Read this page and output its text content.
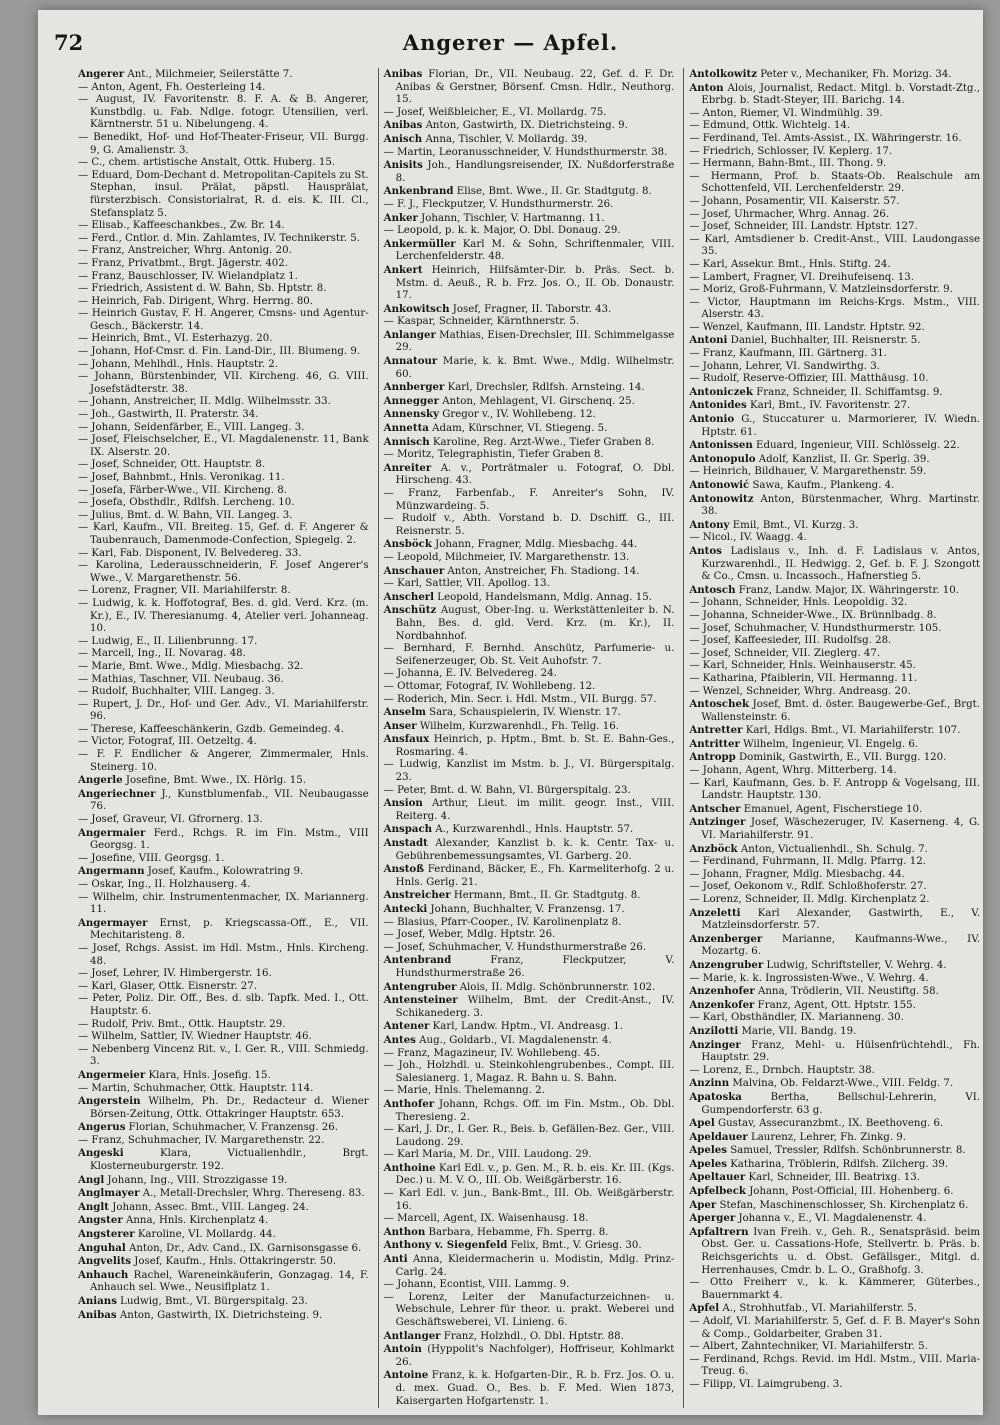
72	Angerer — Apfel.

Angerer Ant., Milchmeier, Seilerstätte 7.

— Anton, Agent, Fh. Oesterleing 14.

— August, IV. Favoritenstr. 8. F. A. & B. Angerer, Kunstbdlg. u. Fab. Ndlge. fotogr. Utensilien, verl. Kärntnerstr. 51 u. Nibelungeng. 4.

— Benedikt, Hof- und Hof-Theater-Friseur, VII. Burgg. 9, G. Amalienstr. 3.

— C., chem. artistische Anstalt, Ottk. Huberg. 15.

— Eduard, Dom-Dechant d. Metropolitan-Capitels zu St. Stephan, insul. Prälat, päpstl. Hausprälat, fürsterzbisch. Consistorialrat, R. d. eis. K. III. Cl., Stefansplatz 5.

— Elisab., Kaffeeschankbes., Zw. Br. 14.

— Ferd., Cntlor. d. Min. Zahlamtes, IV. Technikerstr. 5.

— Franz, Anstreicher, Whrg. Antonig. 20.

— Franz, Privatbmt., Brgt. Jägerstr. 402.

— Franz, Bauschlosser, IV. Wielandplatz 1.

— Friedrich, Assistent d. W. Bahn, Sb. Hptstr. 8.

— Heinrich, Fab. Dirigent, Whrg. Herrng. 80.

— Heinrich Gustav, F. H. Angerer, Cmsns- und Agentur-Gesch., Bäckerstr. 14.

— Heinrich, Bmt., VI. Esterhazyg. 20.

— Johann, Hof-Cmsr. d. Fin. Land-Dir., III. Blumeng. 9.

— Johann, Mehlhdl., Hnls. Hauptstr. 2.

— Johann, Bürstenbinder, VII. Kircheng. 46, G. VIII. Josefstädterstr. 38.

— Johann, Anstreicher, II. Mdlg. Wilhelmsstr. 33.

— Joh., Gastwirth, II. Praterstr. 34.

— Johann, Seidenfärber, E., VIII. Langeg. 3.

— Josef, Fleischselcher, E., VI. Magdalenenstr. 11, Bank IX. Alserstr. 20.

— Josef, Schneider, Ott. Hauptstr. 8.

— Josef, Bahnbmt., Hnls. Veronikag. 11.

— Josefa, Färber-Wwe., VII. Kircheng. 8.

— Josefa, Obsthdlr., Rdlfsh. Lercheng. 10.

— Julius, Bmt. d. W. Bahn, VII. Langeg. 3.

— Karl, Kaufm., VII. Breiteg. 15, Gef. d. F. Angerer & Taubenrauch, Damenmode-Confection, Spiegelg. 2.

— Karl, Fab. Disponent, IV. Belvedereg. 33.

— Karolina, Lederausschneiderin, F. Josef Angerer's Wwe., V. Margarethenstr. 56.

— Lorenz, Fragner, VII. Mariahilferstr. 8.

— Ludwig, k. k. Hoffotograf, Bes. d. gld. Verd. Krz. (m. Kr.), E., IV. Theresianumg. 4, Atelier verl. Johanneag. 10.

— Ludwig, E., II. Lilienbrunng. 17.

— Marcell, Ing., II. Novarag. 48.

— Marie, Bmt. Wwe., Mdlg. Miesbachg. 32.

— Mathias, Taschner, VII. Neubaug. 36.

— Rudolf, Buchhalter, VIII. Langeg. 3.

— Rupert, J. Dr., Hof- und Ger. Adv., VI. Mariahilferstr. 96.

— Therese, Kaffeeschänkerin, Gzdb. Gemeindeg. 4.

— Victor, Fotograf, III. Oetzeltg. 4.

— F. F. Endlicher & Angerer, Zimmermaler, Hnls. Steinerg. 10.

Angerle Josefine, Bmt. Wwe., IX. Hörlg. 15.

Angeriechner J., Kunstblumenfab., VII. Neubaugasse 76.

— Josef, Graveur, VI. Gfrornerg. 13.

Angermaier Ferd., Rchgs. R. im Fin. Mstm., VIII Georgsg. 1.

— Josefine, VIII. Georgsg. 1.

Angermann Josef, Kaufm., Kolowratring 9.

— Oskar, Ing., II. Holzhauserg. 4.

— Wilhelm, chir. Instrumentenmacher, IX. Mariannerg. 11.

Angermayer Ernst, p. Kriegscassa-Off., E., VII. Mechitaristeng. 8.

— Josef, Rchgs. Assist. im Hdl. Mstm., Hnls. Kircheng. 48.

— Josef, Lehrer, IV. Himbergerstr. 16.

— Karl, Glaser, Ottk. Eisnerstr. 27.

— Peter, Poliz. Dir. Off., Bes. d. slb. Tapfk. Med. I., Ott. Hauptstr. 6.

— Rudolf, Priv. Bmt., Ottk. Hauptstr. 29.

— Wilhelm, Sattler, IV. Wiedner Hauptstr. 46.

— Nebenberg Vincenz Rit. v., I. Ger. R., VIII. Schmiedg. 3.

Angermeier Klara, Hnls. Josefig. 15.

— Martin, Schuhmacher, Ottk. Hauptstr. 114.

Angerstein Wilhelm, Ph. Dr., Redacteur d. Wiener Börsen-Zeitung, Ottk. Ottakringer Hauptstr. 653.

Angerus Florian, Schuhmacher, V. Franzensg. 26.

— Franz, Schuhmacher, IV. Margarethenstr. 22.

Angeski Klara, Victualienhdlr., Brgt. Klosterneuburgerstr. 192.

Angl Johann, Ing., VIII. Strozzigasse 19.

Anglmayer A., Metall-Drechsler, Whrg. Thereseng. 83.

Anglt Johann, Assec. Bmt., VIII. Langeg. 24.

Angster Anna, Hnls. Kirchenplatz 4.

Angsterer Karoline, VI. Mollardg. 44.

Anguhal Anton, Dr., Adv. Cand., IX. Garnisonsgasse 6.

Angvelits Josef, Kaufm., Hnls. Ottakringerstr. 50.

Anhauch Rachel, Wareneinkäuferin, Gonzagag. 14, F. Anhauch sel. Wwe., Neusiflplatz 1.

Anians Ludwig, Bmt., VI. Bürgerspitalg. 23.

Anibas Anton, Gastwirth, IX. Dietrichsteing. 9.

Anibas Florian, Dr., VII. Neubaug. 22, Gef. d. F. Dr. Anibas & Gerstner, Börsenf. Cmsn. Hdlr., Neuthorg. 15.

— Josef, Weißbleicher, E., VI. Mollardg. 75.

Anibas Anton, Gastwirth, IX. Dietrichsteing. 9.

Anisch Anna, Tischler, V. Mollardg. 39.

— Martin, Leoranusschneider, V. Hundsthurmerstr. 38.

Anisits Joh., Handlungsreisender, IX. Nußdorferstraße 8.

Ankenbrand Elise, Bmt. Wwe., II. Gr. Stadtgutg. 8.

— F. J., Fleckputzer, V. Hundsthurmerstr. 26.

Anker Johann, Tischler, V. Hartmanng. 11.

— Leopold, p. k. k. Major, O. Dbl. Donaug. 29.

Ankermüller Karl M. & Sohn, Schriftenmaler, VIII. Lerchenfelderstr. 48.

Ankert Heinrich, Hilfsämter-Dir. b. Präs. Sect. b. Mstm. d. Aeuß., R. b. Frz. Jos. O., II. Ob. Donaustr. 17.

Ankowitsch Josef, Fragner, II. Taborstr. 43.

— Kaspar, Schneider, Kärnthnerstr. 5.

Anlanger Mathias, Eisen-Drechsler, III. Schimmelgasse 29.

Annatour Marie, k. k. Bmt. Wwe., Mdlg. Wilhelmstr. 60.

Annberger Karl, Drechsler, Rdlfsh. Arnsteing. 14.

Annegger Anton, Mehlagent, VI. Girschenq. 25.

Annensky Gregor v., IV. Wohllebeng. 12.

Annetta Adam, Kürschner, VI. Stiegeng. 5.

Annisch Karoline, Reg. Arzt-Wwe., Tiefer Graben 8.

— Moritz, Telegraphistin, Tiefer Graben 8.

Anreiter A. v., Porträtmaler u. Fotograf, O. Dbl. Hirscheng. 43.

— Franz, Farbenfab., F. Anreiter's Sohn, IV. Münzwardeing. 5.

— Rudolf v., Abth. Vorstand b. D. Dschiff. G., III. Reisnerstr. 5.

Ansböck Johann, Fragner, Mdlg. Miesbachg. 44.

— Leopold, Milchmeier, IV. Margarethenstr. 13.

Anschauer Anton, Anstreicher, Fh. Stadiong. 14.

— Karl, Sattler, VII. Apollog. 13.

Anscherl Leopold, Handelsmann, Mdlg. Annag. 15.

Anschütz August, Ober-Ing. u. Werkstättenleiter b. N. Bahn, Bes. d. gld. Verd. Krz. (m. Kr.), II. Nordbahnhof.

— Bernhard, F. Bernhd. Anschütz, Parfumerie- u. Seifenerzeuger, Ob. St. Veit Auhofstr. 7.

— Johanna, E. IV. Belvedereg. 24.

— Ottomar, Fotograf, IV. Wohllebeng. 12.

— Roderich, Min. Secr. i. Hdl. Mstm., VII. Burgg. 57.

Anselm Sara, Schauspielerin, IV. Wienstr. 17.

Anser Wilhelm, Kurzwarenhdl., Fh. Tellg. 16.

Ansfaux Heinrich, p. Hptm., Bmt. b. St. E. Bahn-Ges., Rosmaring. 4.

— Ludwig, Kanzlist im Mstm. b. J., VI. Bürgerspitalg. 23.

— Peter, Bmt. d. W. Bahn, VI. Bürgerspitalg. 23.

Ansion Arthur, Lieut. im milit. geogr. Inst., VIII. Reiterg. 4.

Anspach A., Kurzwarenhdl., Hnls. Hauptstr. 57.

Anstadt Alexander, Kanzlist b. k. k. Centr. Tax- u. Gebührenbemessungsamtes, VI. Garberg. 20.

Anstoß Ferdinand, Bäcker, E., Fh. Karmeliterhofg. 2 u. Hnls. Gerlg. 21.

Anstreicher Hermann, Bmt., II. Gr. Stadtgutg. 8.

Antecki Johann, Buchhalter, V. Franzensg. 17.

— Blasius, Pfarr-Cooper., IV. Karolinenplatz 8.

— Josef, Weber, Mdlg. Hptstr. 26.

— Josef, Schuhmacher, V. Hundsthurmerstraße 26.

Antenbrand Franz, Fleckputzer, V. Hundsthurmerstraße 26.

Antengruber Alois, II. Mdlg. Schönbrunnerstr. 102.

Antensteiner Wilhelm, Bmt. der Credit-Anst., IV. Schikanederg. 3.

Antener Karl, Landw. Hptm., VI. Andreasg. 1.

Antes Aug., Goldarb., VI. Magdalenenstr. 4.

— Franz, Magazineur, IV. Wohllebeng. 45.

— Joh., Holzhdl. u. Steinkohlengrubenbes., Compt. III. Salesianerg. 1, Magaz. R. Bahn u. S. Bahn.

— Marie, Hnls. Thelemanng. 2.

Anthofer Johann, Rchgs. Off. im Fin. Mstm., Ob. Dbl. Theresieng. 2.

— Karl, J. Dr., I. Ger. R., Beis. b. Gefällen-Bez. Ger., VIII. Laudong. 29.

— Karl Maria, M. Dr., VIII. Laudong. 29.

Anthoine Karl Edl. v., p. Gen. M., R. b. eis. Kr. III. (Kgs. Dec.) u. M. V. O., III. Ob. Weißgärberstr. 16.

— Karl Edl. v. jun., Bank-Bmt., III. Ob. Weißgärberstr. 16.

— Marcell, Agent, IX. Waisenhausg. 18.

Anthon Barbara, Hebamme, Fh. Sperrg. 8.

Anthony v. Siegenfeld Felix, Bmt., V. Griesg. 30.

Anti Anna, Kleidermacherin u. Modistin, Mdlg. Prinz-Carlg. 24.

— Johann, Econtist, VIII. Lammg. 9.

— Lorenz, Leiter der Manufacturzeichnen- u. Webschule, Lehrer für theor. u. prakt. Weberei und Geschäftsweberei, VI. Linieng. 6.

Antlanger Franz, Holzhdl., O. Dbl. Hptstr. 88.

Antoin (Hyppolit's Nachfolger), Hoffriseur, Kohlmarkt 26.

Antoine Franz, k. k. Hofgarten-Dir., R. b. Frz. Jos. O. u. d. mex. Guad. O., Bes. b. F. Med. Wien 1873, Kaisergarten Hofgartenstr. 1.

Antolkowitz Peter v., Mechaniker, Fh. Morizg. 34.

Anton Alois, Journalist, Redact. Mitgl. b. Vorstadt-Ztg., Ebrbg. b. Stadt-Steyer, III. Barichg. 14.

— Anton, Riemer, VI. Windmühlg. 39.

— Edmund, Ottk. Wichtelg. 14.

— Ferdinand, Tel. Amts-Assist., IX. Währingerstr. 16.

— Friedrich, Schlosser, IV. Keplerg. 17.

— Hermann, Bahn-Bmt., III. Thong. 9.

— Hermann, Prof. b. Staats-Ob. Realschule am Schottenfeld, VII. Lerchenfelderstr. 29.

— Johann, Posamentir, VII. Kaiserstr. 57.

— Josef, Uhrmacher, Whrg. Annag. 26.

— Josef, Schneider, III. Landstr. Hptstr. 127.

— Karl, Amtsdiener b. Credit-Anst., VIII. Laudongasse 35.

— Karl, Assekur. Bmt., Hnls. Stiftg. 24.

— Lambert, Fragner, VI. Dreihufeisenq. 13.

— Moriz, Groß-Fuhrmann, V. Matzleinsdorferstr. 9.

— Victor, Hauptmann im Reichs-Krgs. Mstm., VIII. Alserstr. 43.

— Wenzel, Kaufmann, III. Landstr. Hptstr. 92.

Antoni Daniel, Buchhalter, III. Reisnerstr. 5.

— Franz, Kaufmann, III. Gärtnerg. 31.

— Johann, Lehrer, VI. Sandwirthg. 3.

— Rudolf, Reserve-Offizier, III. Matthäusg. 10.

Antoniczek Franz, Schneider, II. Schiffamtsg. 9.

Antonides Karl, Bmt., IV. Favoritenstr. 27.

Antonio G., Stuccaturer u. Marmorierer, IV. Wiedn. Hptstr. 61.

Antonissen Eduard, Ingenieur, VIII. Schlösselg. 22.

Antonopulo Adolf, Kanzlist, II. Gr. Sperlg. 39.

— Heinrich, Bildhauer, V. Margarethenstr. 59.

Antonowić Sawa, Kaufm., Plankeng. 4.

Antonowitz Anton, Bürstenmacher, Whrg. Martinstr. 38.

Antony Emil, Bmt., VI. Kurzg. 3.

— Nicol., IV. Waagg. 4.

Antos Ladislaus v., Inh. d. F. Ladislaus v. Antos, Kurzwarenhdl., II. Hedwigg. 2, Gef. b. F. J. Szongott & Co., Cmsn. u. Incassoch., Hafnerstieg 5.

Antosch Franz, Landw. Major, IX. Währingerstr. 10.

— Johann, Schneider, Hnls. Leopoldig. 32.

— Johanna, Schneider-Wwe., IX. Brünnlbadg. 8.

— Josef, Schuhmacher, V. Hundsthurmerstr. 105.

— Josef, Kaffeesieder, III. Rudolfsg. 28.

— Josef, Schneider, VII. Zieglerg. 47.

— Karl, Schneider, Hnls. Weinhauserstr. 45.

— Katharina, Pfaiblerin, VII. Hermanng. 11.

— Wenzel, Schneider, Whrg. Andreasg. 20.

Antoschek Josef, Bmt. d. öster. Baugewerbe-Gef., Brgt. Wallensteinstr. 6.

Antretter Karl, Hdlgs. Bmt., VI. Mariahilferstr. 107.

Antritter Wilhelm, Ingenieur, VI. Engelg. 6.

Antropp Dominik, Gastwirth, E., VII. Burgg. 120.

— Johann, Agent, Whrg. Mitterberg. 14.

— Karl, Kaufmann, Ges. b. F. Antropp & Vogelsang, III. Landstr. Hauptstr. 130.

Antscher Emanuel, Agent, Fischerstiege 10.

Antzinger Josef, Wäschezeruger, IV. Kaserneng. 4, G. VI. Mariahilferstr. 91.

Anzböck Anton, Victualienhdl., Sh. Schulg. 7.

— Ferdinand, Fuhrmann, II. Mdlg. Pfarrg. 12.

— Johann, Fragner, Mdlg. Miesbachg. 44.

— Josef, Oekonom v., Rdlf. Schloßhoferstr. 27.

— Lorenz, Schneider, II. Mdlg. Kirchenplatz 2.

Anzeletti Karl Alexander, Gastwirth, E., V. Matzleinsdorferstr. 57.

Anzenberger Marianne, Kaufmanns-Wwe., IV. Mozartg. 6.

Anzengruber Ludwig, Schriftsteller, V. Wehrg. 4.

— Marie, k. k. Ingrossisten-Wwe., V. Wehrg. 4.

Anzenhofer Anna, Trödlerin, VII. Neustiftg. 58.

Anzenkofer Franz, Agent, Ott. Hptstr. 155.

— Karl, Obsthändler, IX. Marianneng. 30.

Anzilotti Marie, VII. Bandg. 19.

Anzinger Franz, Mehl- u. Hülsenfrüchtehdl., Fh. Hauptstr. 29.

— Lorenz, E., Drnbch. Hauptstr. 38.

Anzinn Malvina, Ob. Feldarzt-Wwe., VIII. Feldg. 7.

Apatoska Bertha, Bellschul-Lehrerin, VI. Gumpendorferstr. 63 g.

Apel Gustav, Assecuranzbmt., IX. Beethoveng. 6.

Apeldauer Laurenz, Lehrer, Fh. Zinkg. 9.

Apeles Samuel, Tressler, Rdlfsh. Schönbrunnerstr. 8.

Apeles Katharina, Tröblerin, Rdlfsh. Zilcherg. 39.

Apeltauer Karl, Schneider, III. Beatrixg. 13.

Apfelbeck Johann, Post-Official, III. Hohenberg. 6.

Aper Stefan, Maschinenschlosser, Sh. Kirchenplatz 6.

Aperger Johanna v., E., VI. Magdalenenstr. 4.

Apfaltrern Ivan Freih. v., Geh. R., Senatspräsid. beim Obst. Ger. u. Cassations-Hofe, Stellvertr. b. Präs. b. Reichsgerichts u. d. Obst. Gefällsger., Mitgl. d. Herrenhauses, Cmdr. b. L. O., Graßhofg. 3.

— Otto Freiherr v., k. k. Kämmerer, Güterbes., Bauernmarkt 4.

Apfel A., Strohhutfab., VI. Mariahilferstr. 5.

— Adolf, VI. Mariahilferstr. 5, Gef. d. F. B. Mayer's Sohn & Comp., Goldarbeiter, Graben 31.

— Albert, Zahntechniker, VI. Mariahilferstr. 5.

— Ferdinand, Rchgs. Revid. im Hdl. Mstm., VIII. Maria-Treug. 6.

— Filipp, VI. Laimgrubeng. 3.
